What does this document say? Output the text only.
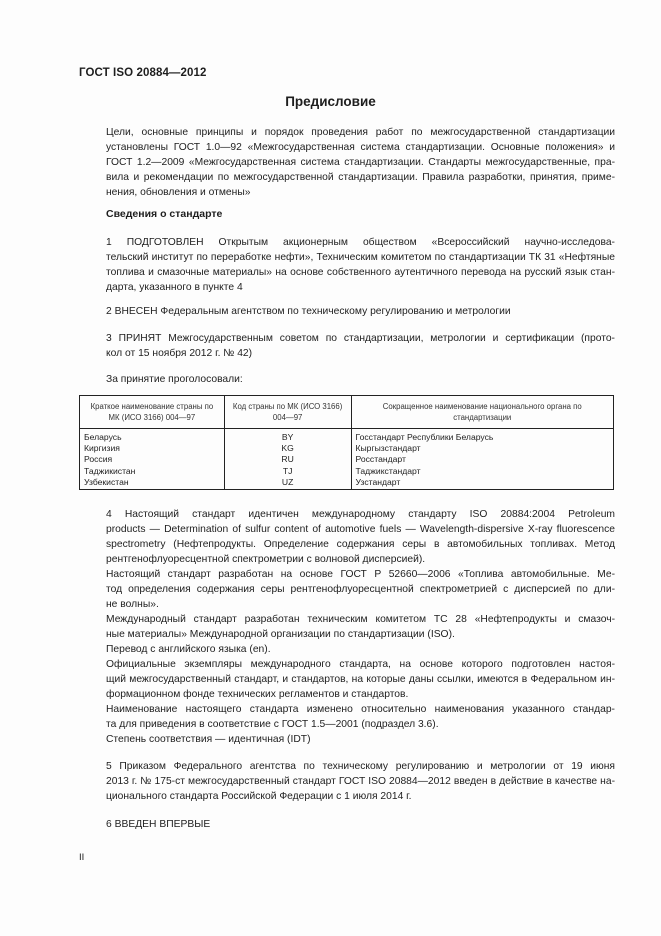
ГОСТ ISO 20884—2012
Предисловие
Цели, основные принципы и порядок проведения работ по межгосударственной стандартизации
установлены ГОСТ 1.0—92 «Межгосударственная система стандартизации. Основные положения» и
ГОСТ 1.2—2009 «Межгосударственная система стандартизации. Стандарты межгосударственные, пра-
вила и рекомендации по межгосударственной стандартизации. Правила разработки, принятия, приме-
нения, обновления и отмены»
Сведения о стандарте
1 ПОДГОТОВЛЕН Открытым акционерным обществом «Всероссийский научно-исследова-
тельский институт по переработке нефти», Техническим комитетом по стандартизации ТК 31 «Нефтяные
топлива и смазочные материалы» на основе собственного аутентичного перевода на русский язык стан-
дарта, указанного в пункте 4
2 ВНЕСЕН Федеральным агентством по техническому регулированию и метрологии
3 ПРИНЯТ Межгосударственным советом по стандартизации, метрологии и сертификации (прото-
кол от 15 ноября 2012 г. № 42)
За принятие проголосовали:
Краткое наименование страны по МК (ИСО 3166) 004—97	Код страны по МК (ИСО 3166) 004—97	Сокращенное наименование национального органа по стандартизации
Беларусь	BY	Госстандарт Республики Беларусь
Киргизия	KG	Кыргызстандарт
Россия	RU	Росстандарт
Таджикистан	TJ	Таджикстандарт
Узбекистан	UZ	Узстандарт
4 Настоящий стандарт идентичен международному стандарту ISO 20884:2004 Petroleum
products — Determination of sulfur content of automotive fuels — Wavelength-dispersive X-ray fluorescence
spectrometry (Нефтепродукты. Определение содержания серы в автомобильных топливах. Метод
рентгенофлуоресцентной спектрометрии с волновой дисперсией).
Настоящий стандарт разработан на основе ГОСТ Р 52660—2006 «Топлива автомобильные. Ме-
тод определения содержания серы рентгенофлуоресцентной спектрометрией с дисперсией по дли-
не волны».
Международный стандарт разработан техническим комитетом ТС 28 «Нефтепродукты и смазоч-
ные материалы» Международной организации по стандартизации (ISO).
Перевод с английского языка (en).
Официальные экземпляры международного стандарта, на основе которого подготовлен настоя-
щий межгосударственный стандарт, и стандартов, на которые даны ссылки, имеются в Федеральном ин-
формационном фонде технических регламентов и стандартов.
Наименование настоящего стандарта изменено относительно наименования указанного стандар-
та для приведения в соответствие с ГОСТ 1.5—2001 (подраздел 3.6).
Степень соответствия — идентичная (IDT)
5 Приказом Федерального агентства по техническому регулированию и метрологии от 19 июня
2013 г. № 175-ст межгосударственный стандарт ГОСТ ISO 20884—2012 введен в действие в качестве на-
ционального стандарта Российской Федерации с 1 июля 2014 г.
6 ВВЕДЕН ВПЕРВЫЕ
II
